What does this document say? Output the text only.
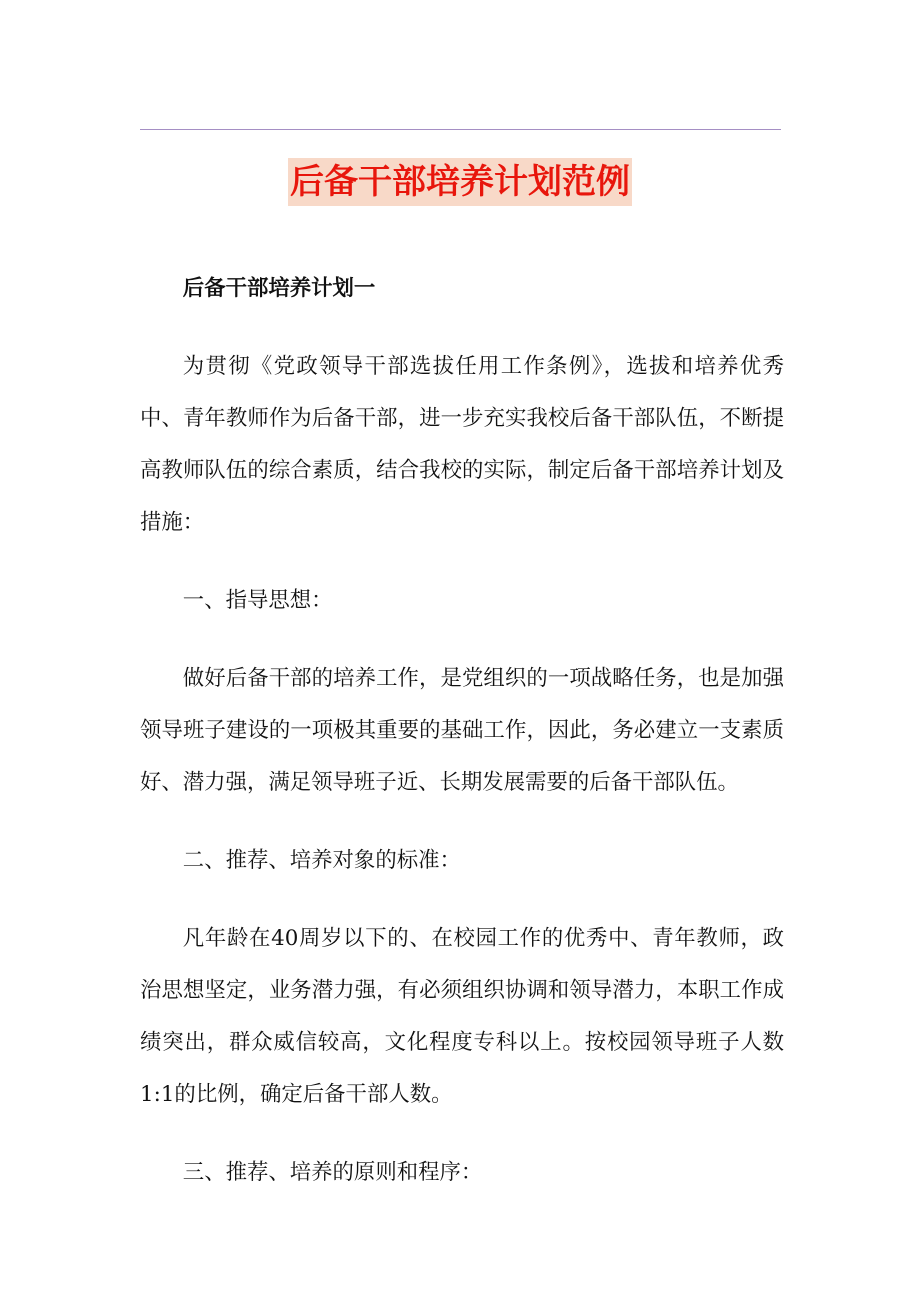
后备干部培养计划范例

后备干部培养计划一

为贯彻《党政领导干部选拔任用工作条例》，选拔和培养优秀中、青年教师作为后备干部，进一步充实我校后备干部队伍，不断提高教师队伍的综合素质，结合我校的实际，制定后备干部培养计划及措施：

一、指导思想：

做好后备干部的培养工作，是党组织的一项战略任务，也是加强领导班子建设的一项极其重要的基础工作，因此，务必建立一支素质好、潜力强，满足领导班子近、长期发展需要的后备干部队伍。

二、推荐、培养对象的标准：

凡年龄在40周岁以下的、在校园工作的优秀中、青年教师，政治思想坚定，业务潜力强，有必须组织协调和领导潜力，本职工作成绩突出，群众威信较高，文化程度专科以上。按校园领导班子人数1:1的比例，确定后备干部人数。

三、推荐、培养的原则和程序：
